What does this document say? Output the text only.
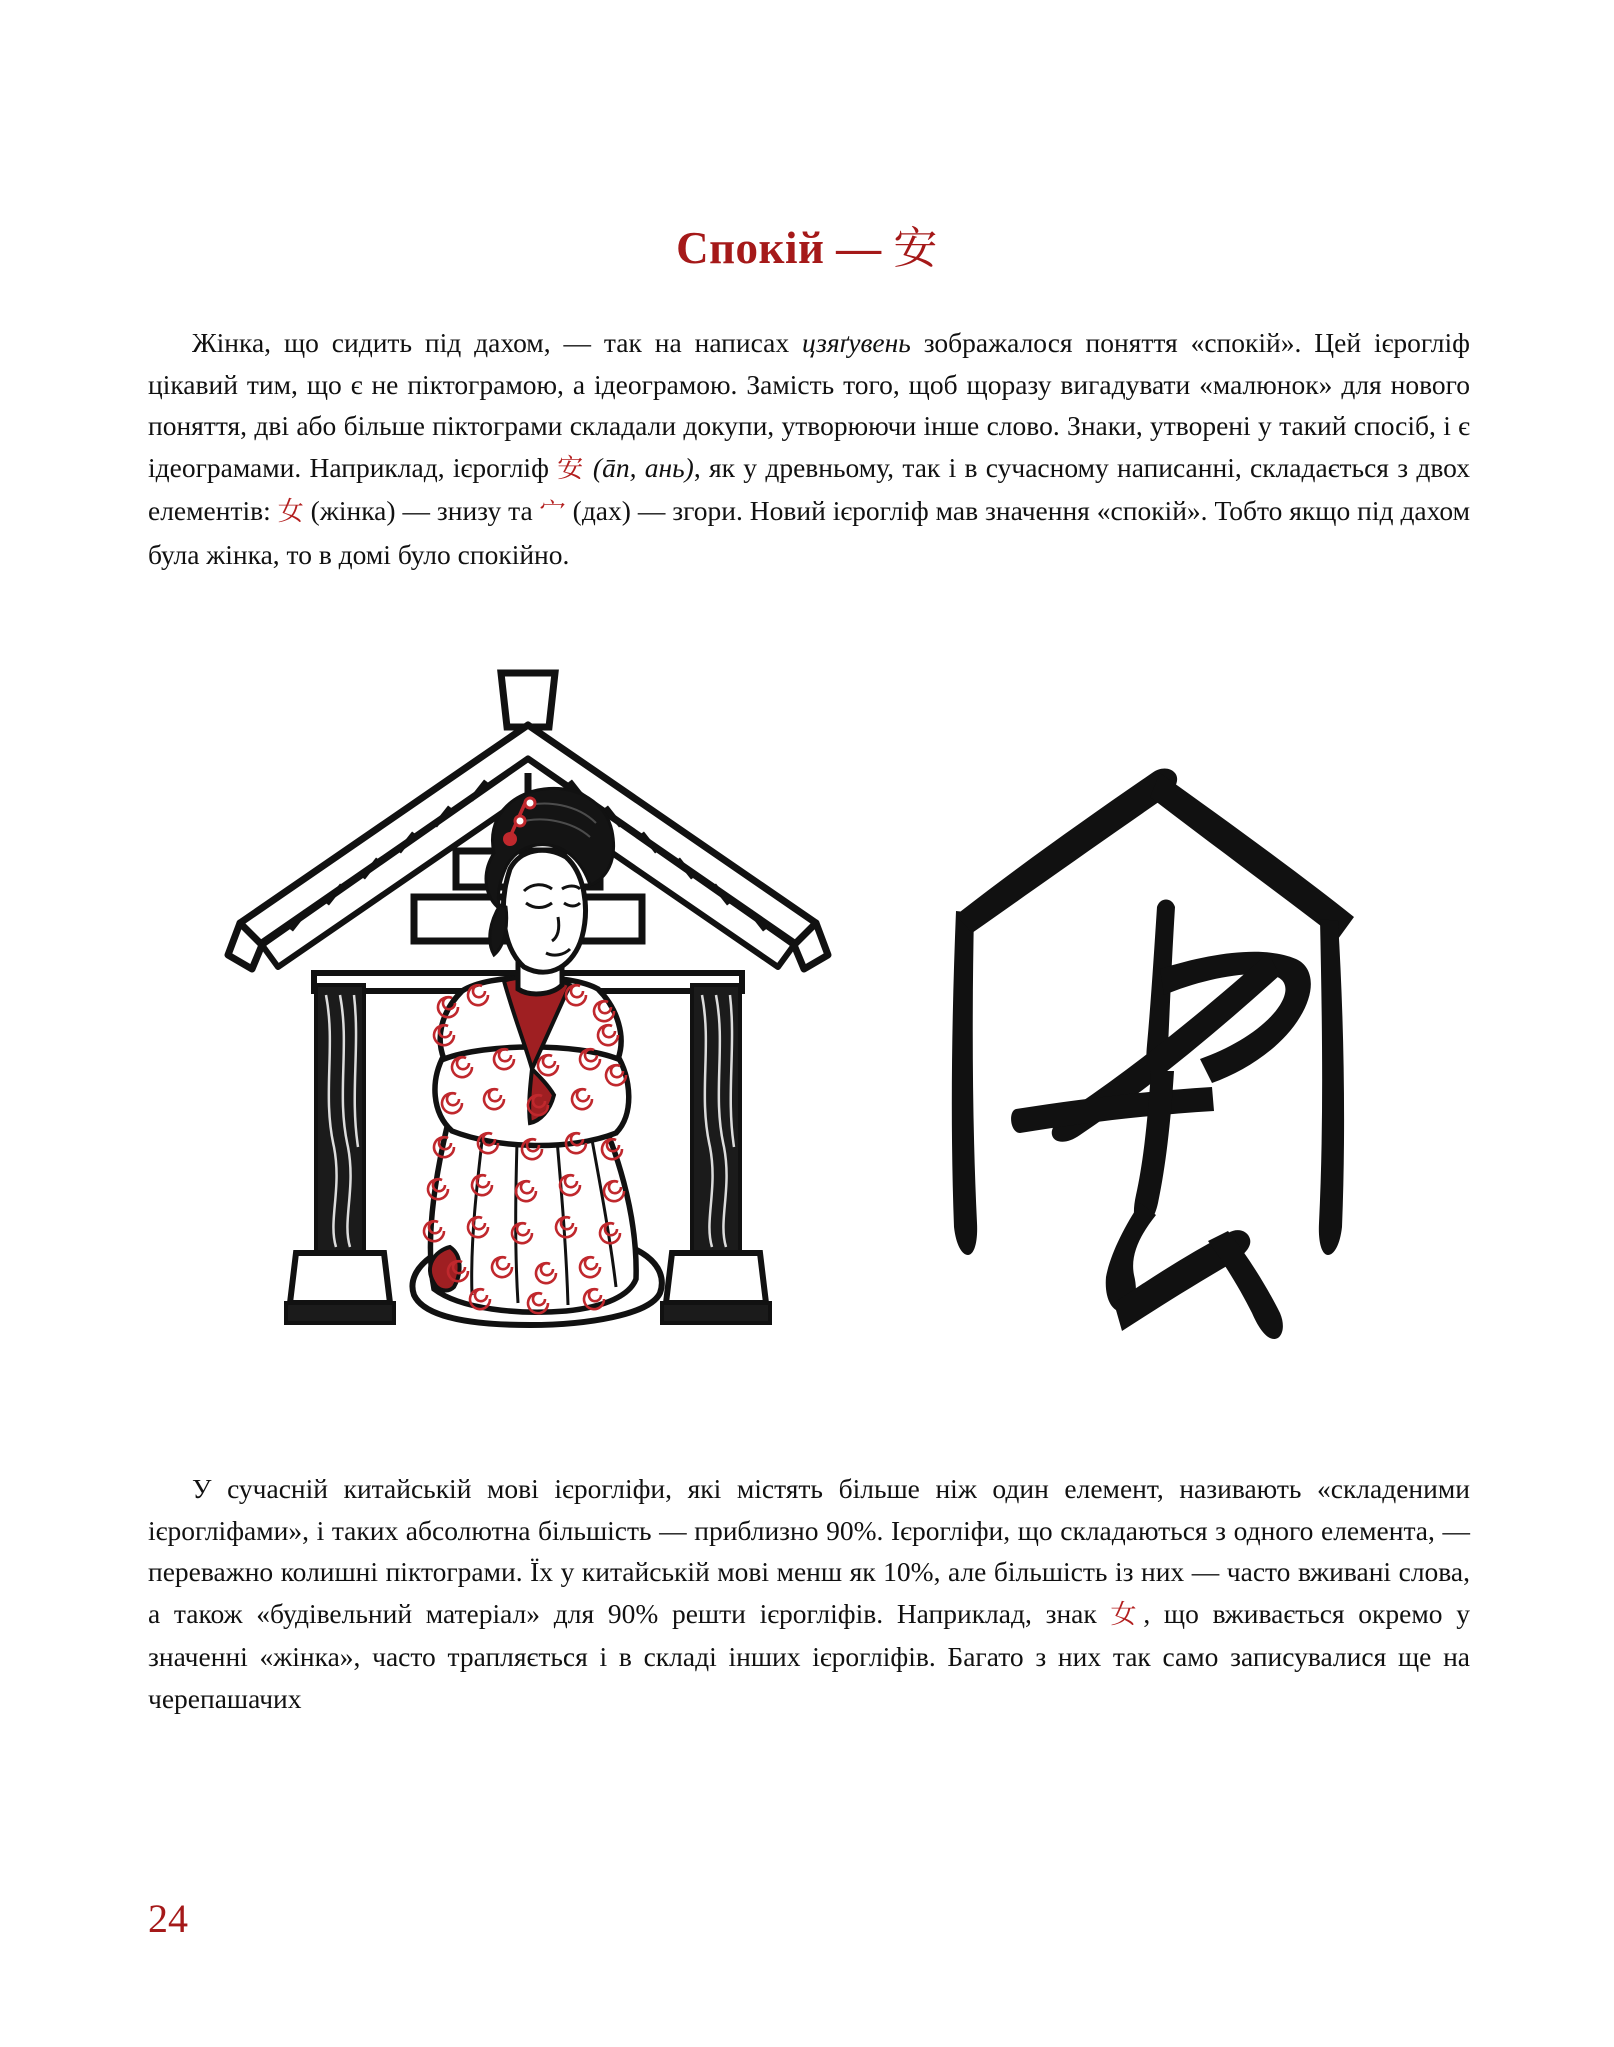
Спокій — 安

Жінка, що сидить під дахом, — так на написах цзяґувень зображалося поняття «спокій». Цей ієрогліф цікавий тим, що є не піктограмою, а ідеограмою. Замість того, щоб щоразу вигадувати «малюнок» для нового поняття, дві або більше піктограми складали докупи, утворюючи інше слово. Знаки, утворені у такий спосіб, і є ідеограмами. Наприклад, ієрогліф 安 (āп, ань), як у древньому, так і в сучасному написанні, складається з двох елементів: 女 (жінка) — знизу та 宀 (дах) — згори. Новий ієрогліф мав значення «спокій». Тобто якщо під дахом була жінка, то в домі було спокійно.

У сучасній китайській мові ієрогліфи, які містять більше ніж один елемент, називають «складеними ієрогліфами», і таких абсолютна більшість — приблизно 90%. Ієрогліфи, що складаються з одного елемента, — переважно колишні піктограми. Їх у китайській мові менш як 10%, але більшість із них — часто вживані слова, а також «будівельний матеріал» для 90% решти ієрогліфів. Наприклад, знак 女, що вживається окремо у значенні «жінка», часто трапляється і в складі інших ієрогліфів. Багато з них так само записувалися ще на черепашачих

24
